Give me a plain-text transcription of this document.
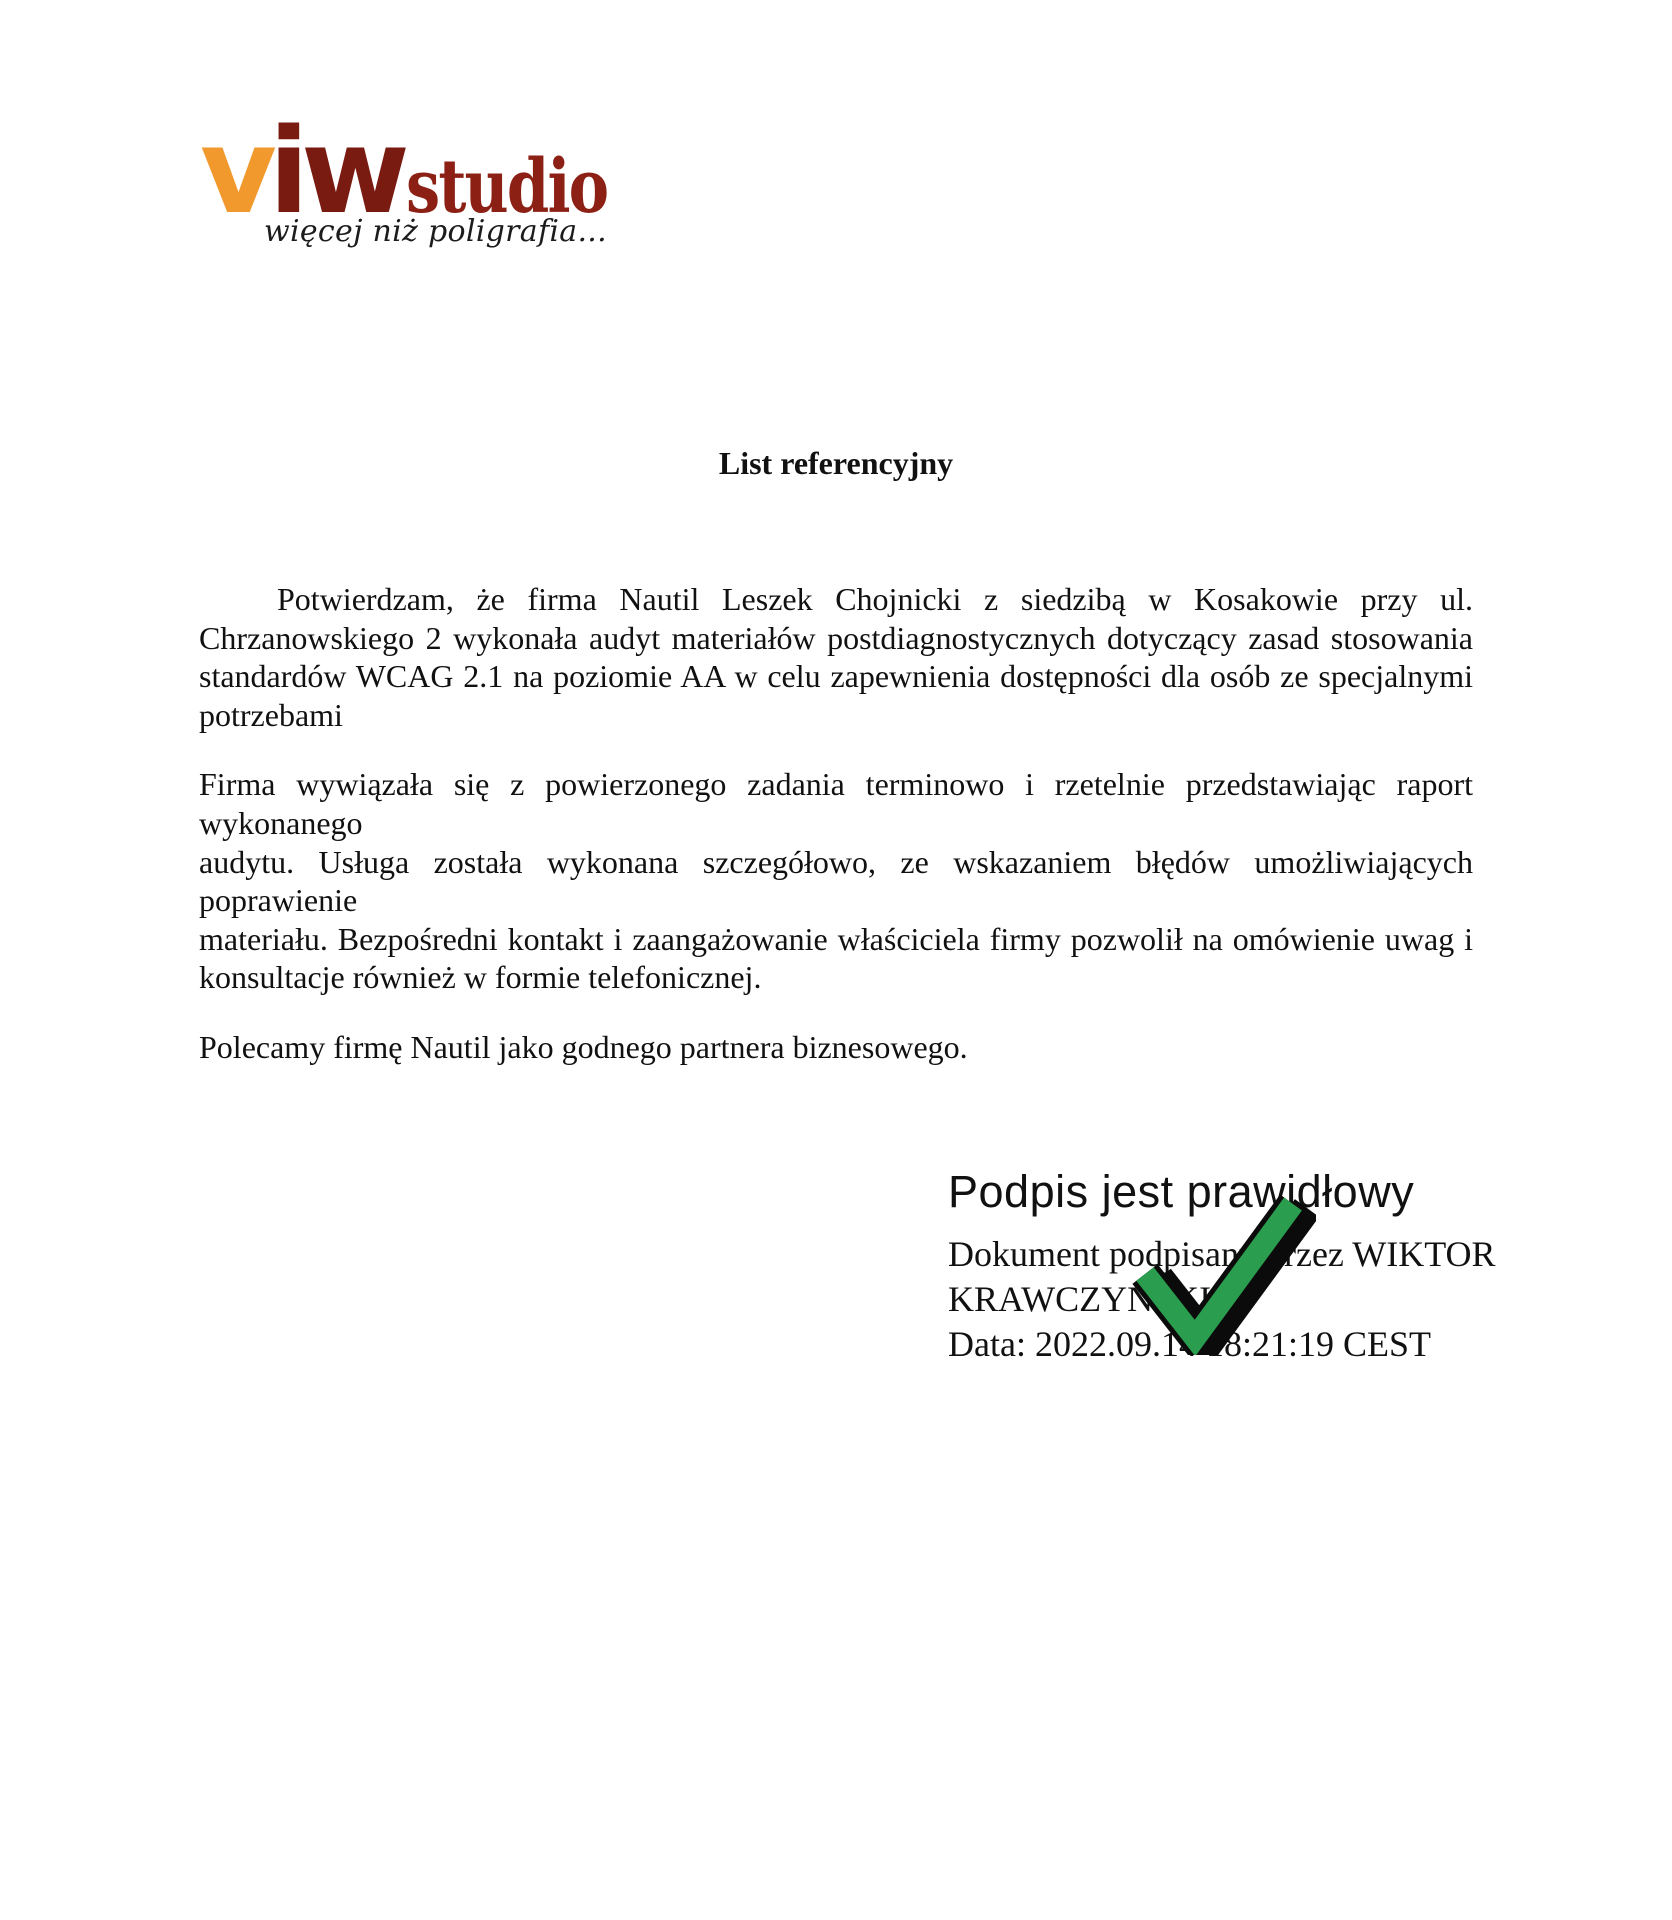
viw studio
więcej niż poligrafia...
List referencyjny
Potwierdzam, że firma Nautil Leszek Chojnicki z siedzibą w Kosakowie przy ul.
Chrzanowskiego 2 wykonała audyt materiałów postdiagnostycznych dotyczący zasad stosowania
standardów WCAG 2.1 na poziomie AA w celu zapewnienia dostępności dla osób ze specjalnymi
potrzebami
Firma wywiązała się z powierzonego zadania terminowo i rzetelnie przedstawiając raport wykonanego
audytu. Usługa została wykonana szczegółowo, ze wskazaniem błędów umożliwiających poprawienie
materiału. Bezpośredni kontakt i zaangażowanie właściciela firmy pozwolił na omówienie uwag i
konsultacje również w formie telefonicznej.
Polecamy firmę Nautil jako godnego partnera biznesowego.
Podpis jest prawidłowy
Dokument podpisany przez WIKTOR
KRAWCZYŃSKI
Data: 2022.09.14 18:21:19 CEST
